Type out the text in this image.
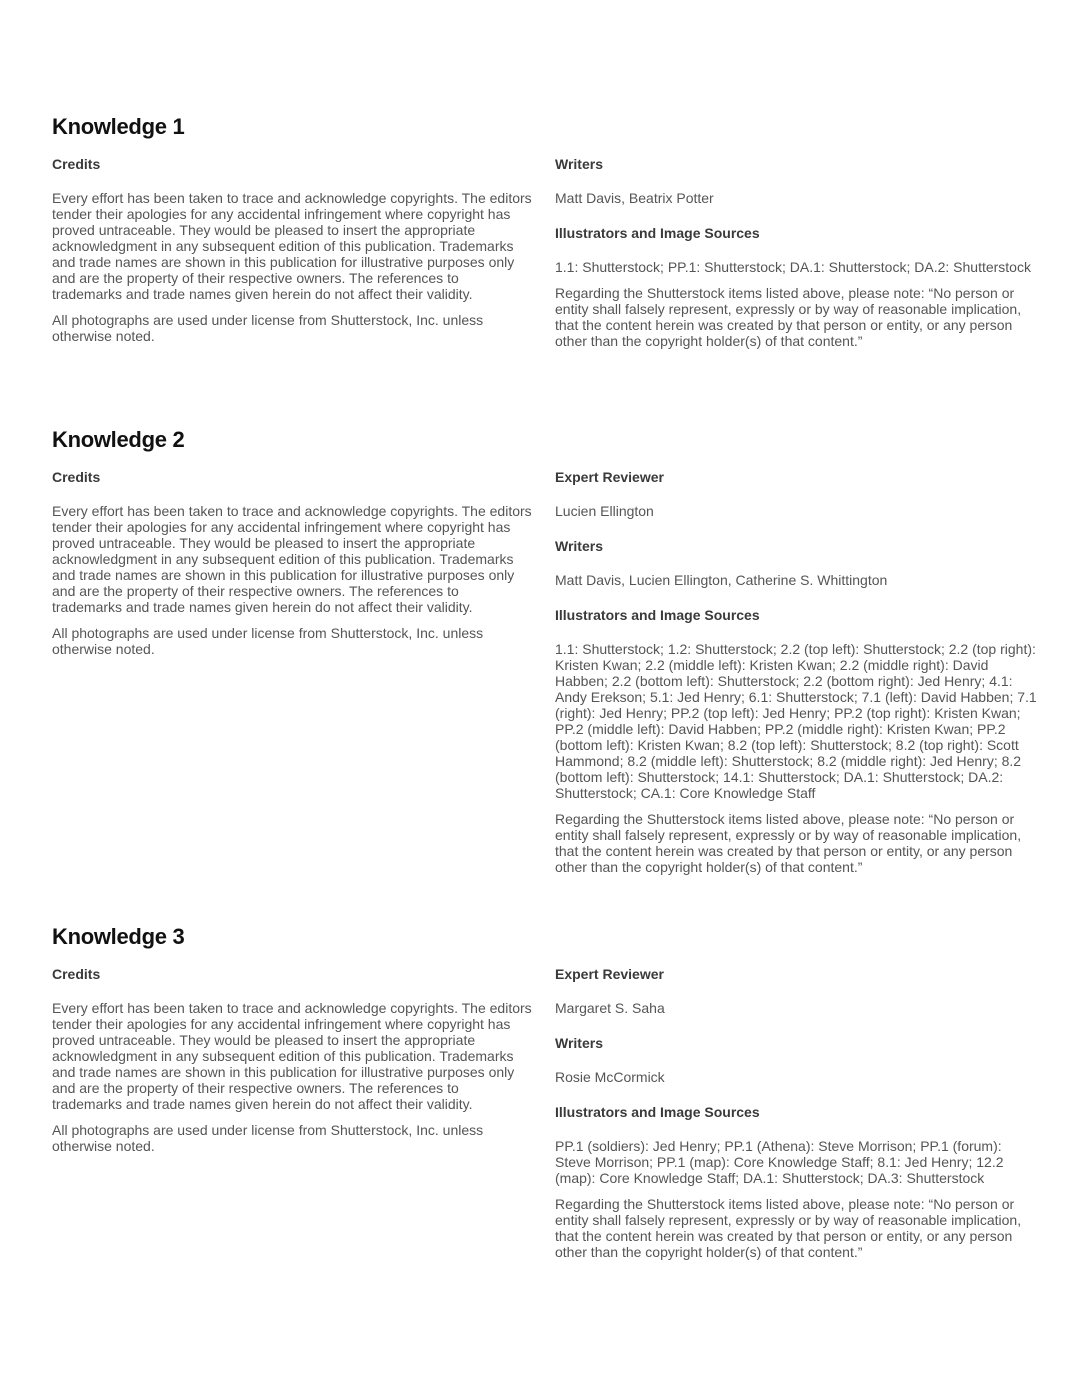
Knowledge 1
Credits
Every effort has been taken to trace and acknowledge copyrights. The editors tender their apologies for any accidental infringement where copyright has proved untraceable. They would be pleased to insert the appropriate acknowledgment in any subsequent edition of this publication. Trademarks and trade names are shown in this publication for illustrative purposes only and are the property of their respective owners. The references to trademarks and trade names given herein do not affect their validity.
All photographs are used under license from Shutterstock, Inc. unless otherwise noted.
Writers
Matt Davis, Beatrix Potter
Illustrators and Image Sources
1.1: Shutterstock; PP.1: Shutterstock; DA.1: Shutterstock; DA.2: Shutterstock
Regarding the Shutterstock items listed above, please note: “No person or entity shall falsely represent, expressly or by way of reasonable implication, that the content herein was created by that person or entity, or any person other than the copyright holder(s) of that content.”
Knowledge 2
Credits
Every effort has been taken to trace and acknowledge copyrights. The editors tender their apologies for any accidental infringement where copyright has proved untraceable. They would be pleased to insert the appropriate acknowledgment in any subsequent edition of this publication. Trademarks and trade names are shown in this publication for illustrative purposes only and are the property of their respective owners. The references to trademarks and trade names given herein do not affect their validity.
All photographs are used under license from Shutterstock, Inc. unless otherwise noted.
Expert Reviewer
Lucien Ellington
Writers
Matt Davis, Lucien Ellington, Catherine S. Whittington
Illustrators and Image Sources
1.1: Shutterstock; 1.2: Shutterstock; 2.2 (top left): Shutterstock; 2.2 (top right): Kristen Kwan; 2.2 (middle left): Kristen Kwan; 2.2 (middle right): David Habben; 2.2 (bottom left): Shutterstock; 2.2 (bottom right): Jed Henry; 4.1: Andy Erekson; 5.1: Jed Henry; 6.1: Shutterstock; 7.1 (left): David Habben; 7.1 (right): Jed Henry; PP.2 (top left): Jed Henry; PP.2 (top right): Kristen Kwan; PP.2 (middle left): David Habben; PP.2 (middle right): Kristen Kwan; PP.2 (bottom left): Kristen Kwan; 8.2 (top left): Shutterstock; 8.2 (top right): Scott Hammond; 8.2 (middle left): Shutterstock; 8.2 (middle right): Jed Henry; 8.2 (bottom left): Shutterstock; 14.1: Shutterstock; DA.1: Shutterstock; DA.2: Shutterstock; CA.1: Core Knowledge Staff
Regarding the Shutterstock items listed above, please note: “No person or entity shall falsely represent, expressly or by way of reasonable implication, that the content herein was created by that person or entity, or any person other than the copyright holder(s) of that content.”
Knowledge 3
Credits
Every effort has been taken to trace and acknowledge copyrights. The editors tender their apologies for any accidental infringement where copyright has proved untraceable. They would be pleased to insert the appropriate acknowledgment in any subsequent edition of this publication. Trademarks and trade names are shown in this publication for illustrative purposes only and are the property of their respective owners. The references to trademarks and trade names given herein do not affect their validity.
All photographs are used under license from Shutterstock, Inc. unless otherwise noted.
Expert Reviewer
Margaret S. Saha
Writers
Rosie McCormick
Illustrators and Image Sources
PP.1 (soldiers): Jed Henry; PP.1 (Athena): Steve Morrison; PP.1 (forum): Steve Morrison; PP.1 (map): Core Knowledge Staff; 8.1: Jed Henry; 12.2 (map): Core Knowledge Staff; DA.1: Shutterstock; DA.3: Shutterstock
Regarding the Shutterstock items listed above, please note: “No person or entity shall falsely represent, expressly or by way of reasonable implication, that the content herein was created by that person or entity, or any person other than the copyright holder(s) of that content.”
